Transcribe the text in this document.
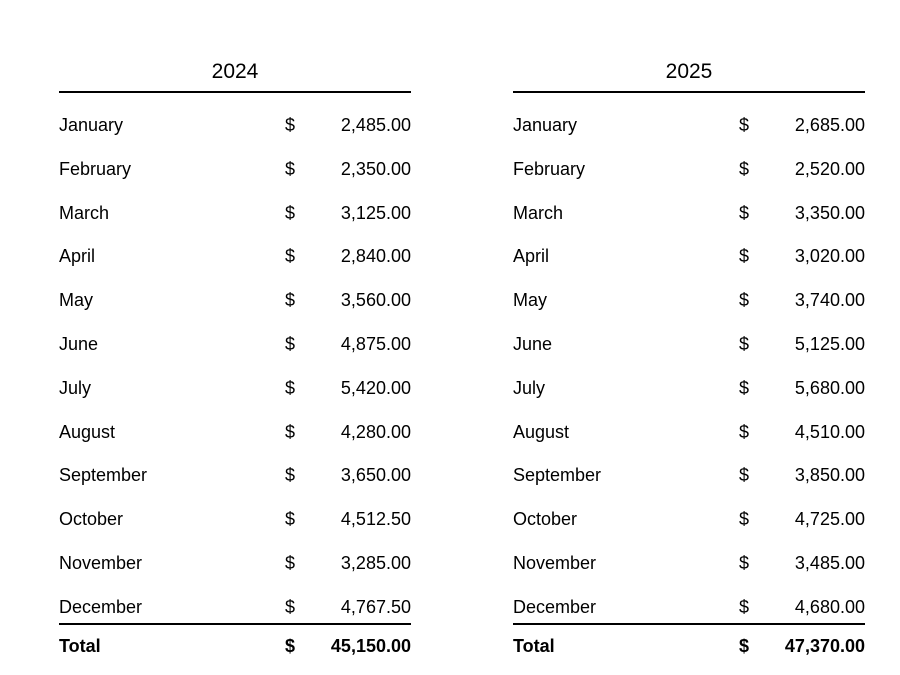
2024
January	$	2,485.00
February	$	2,350.00
March	$	3,125.00
April	$	2,840.00
May	$	3,560.00
June	$	4,875.00
July	$	5,420.00
August	$	4,280.00
September	$	3,650.00
October	$	4,512.50
November	$	3,285.00
December	$	4,767.50
Total	$ 45,150.00
2025
January	$	2,685.00
February	$	2,520.00
March	$	3,350.00
April	$	3,020.00
May	$	3,740.00
June	$	5,125.00
July	$	5,680.00
August	$	4,510.00
September	$	3,850.00
October	$	4,725.00
November	$	3,485.00
December	$	4,680.00
Total	$ 47,370.00
